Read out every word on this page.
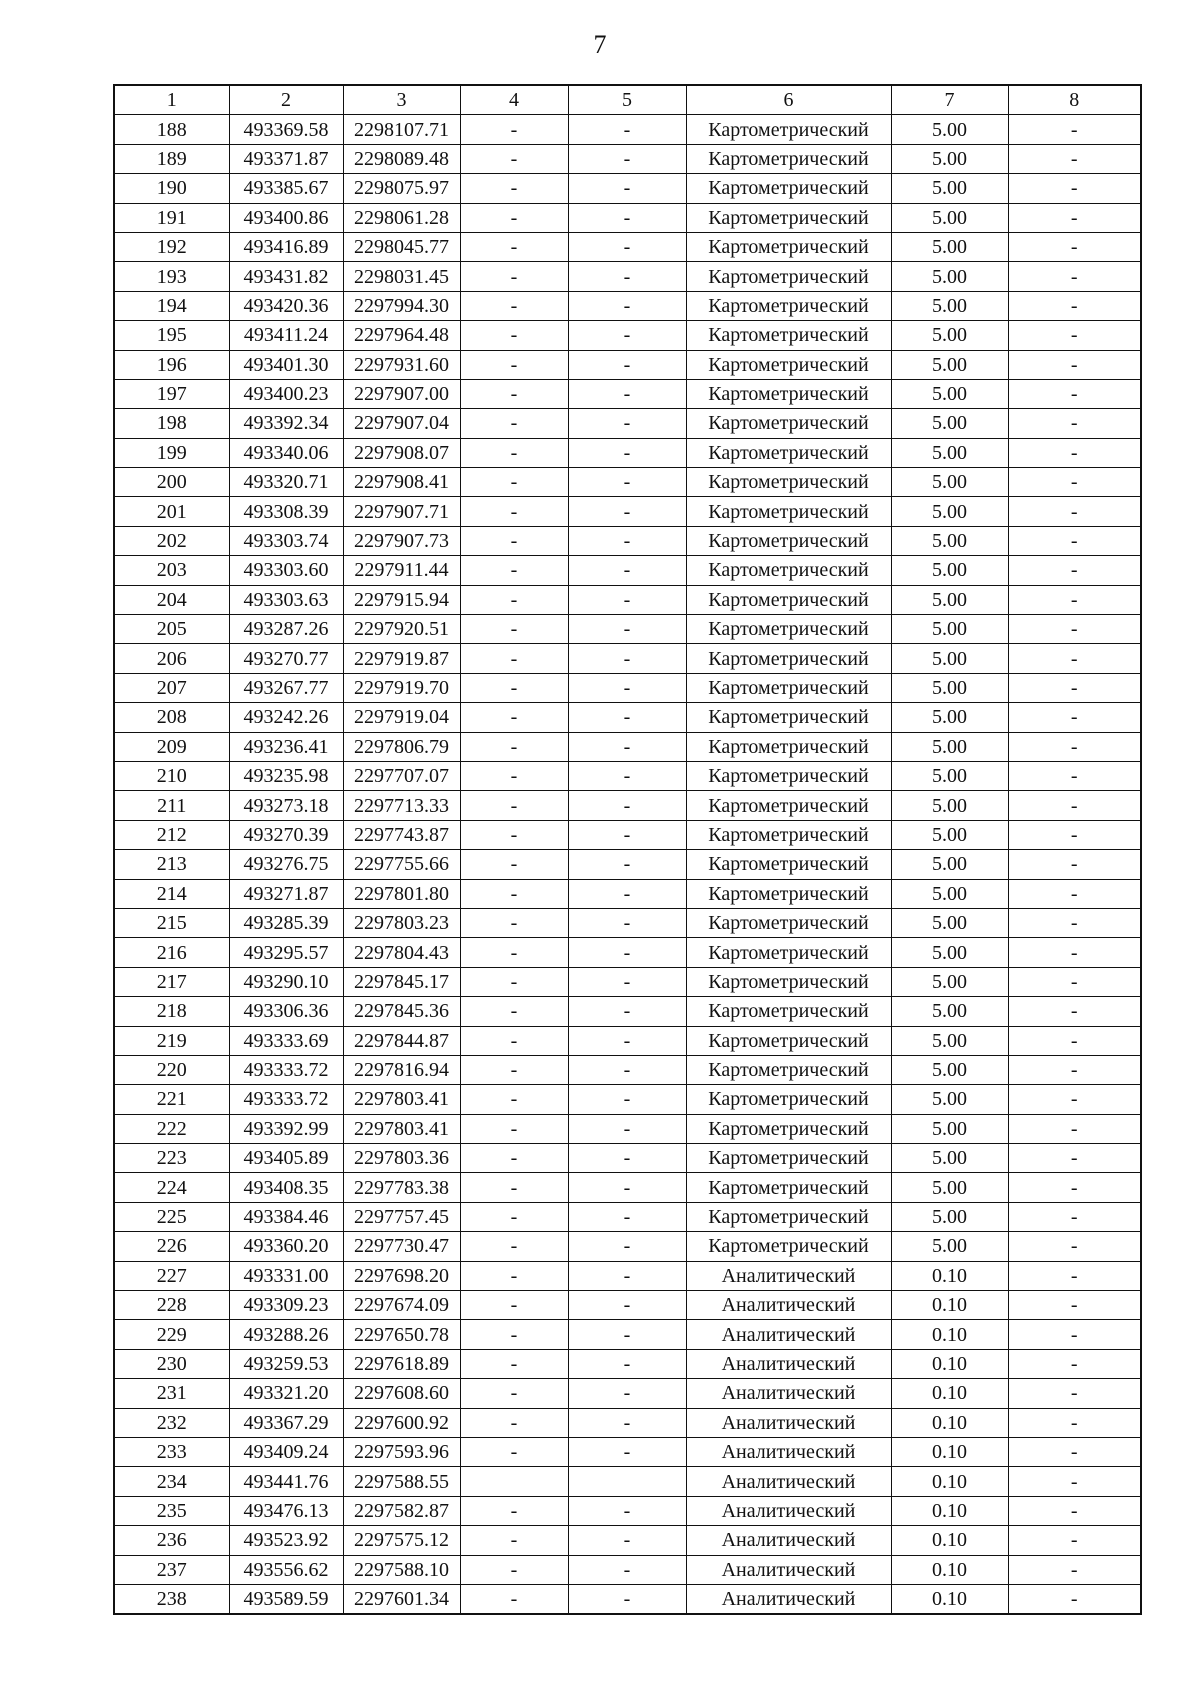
7
1	2	3	4	5	6	7	8
188	493369.58	2298107.71	-	-	Картометрический	5.00	-
189	493371.87	2298089.48	-	-	Картометрический	5.00	-
190	493385.67	2298075.97	-	-	Картометрический	5.00	-
191	493400.86	2298061.28	-	-	Картометрический	5.00	-
192	493416.89	2298045.77	-	-	Картометрический	5.00	-
193	493431.82	2298031.45	-	-	Картометрический	5.00	-
194	493420.36	2297994.30	-	-	Картометрический	5.00	-
195	493411.24	2297964.48	-	-	Картометрический	5.00	-
196	493401.30	2297931.60	-	-	Картометрический	5.00	-
197	493400.23	2297907.00	-	-	Картометрический	5.00	-
198	493392.34	2297907.04	-	-	Картометрический	5.00	-
199	493340.06	2297908.07	-	-	Картометрический	5.00	-
200	493320.71	2297908.41	-	-	Картометрический	5.00	-
201	493308.39	2297907.71	-	-	Картометрический	5.00	-
202	493303.74	2297907.73	-	-	Картометрический	5.00	-
203	493303.60	2297911.44	-	-	Картометрический	5.00	-
204	493303.63	2297915.94	-	-	Картометрический	5.00	-
205	493287.26	2297920.51	-	-	Картометрический	5.00	-
206	493270.77	2297919.87	-	-	Картометрический	5.00	-
207	493267.77	2297919.70	-	-	Картометрический	5.00	-
208	493242.26	2297919.04	-	-	Картометрический	5.00	-
209	493236.41	2297806.79	-	-	Картометрический	5.00	-
210	493235.98	2297707.07	-	-	Картометрический	5.00	-
211	493273.18	2297713.33	-	-	Картометрический	5.00	-
212	493270.39	2297743.87	-	-	Картометрический	5.00	-
213	493276.75	2297755.66	-	-	Картометрический	5.00	-
214	493271.87	2297801.80	-	-	Картометрический	5.00	-
215	493285.39	2297803.23	-	-	Картометрический	5.00	-
216	493295.57	2297804.43	-	-	Картометрический	5.00	-
217	493290.10	2297845.17	-	-	Картометрический	5.00	-
218	493306.36	2297845.36	-	-	Картометрический	5.00	-
219	493333.69	2297844.87	-	-	Картометрический	5.00	-
220	493333.72	2297816.94	-	-	Картометрический	5.00	-
221	493333.72	2297803.41	-	-	Картометрический	5.00	-
222	493392.99	2297803.41	-	-	Картометрический	5.00	-
223	493405.89	2297803.36	-	-	Картометрический	5.00	-
224	493408.35	2297783.38	-	-	Картометрический	5.00	-
225	493384.46	2297757.45	-	-	Картометрический	5.00	-
226	493360.20	2297730.47	-	-	Картометрический	5.00	-
227	493331.00	2297698.20	-	-	Аналитический	0.10	-
228	493309.23	2297674.09	-	-	Аналитический	0.10	-
229	493288.26	2297650.78	-	-	Аналитический	0.10	-
230	493259.53	2297618.89	-	-	Аналитический	0.10	-
231	493321.20	2297608.60	-	-	Аналитический	0.10	-
232	493367.29	2297600.92	-	-	Аналитический	0.10	-
233	493409.24	2297593.96	-	-	Аналитический	0.10	-
234	493441.76	2297588.55			Аналитический	0.10	-
235	493476.13	2297582.87	-	-	Аналитический	0.10	-
236	493523.92	2297575.12	-	-	Аналитический	0.10	-
237	493556.62	2297588.10	-	-	Аналитический	0.10	-
238	493589.59	2297601.34	-	-	Аналитический	0.10	-
